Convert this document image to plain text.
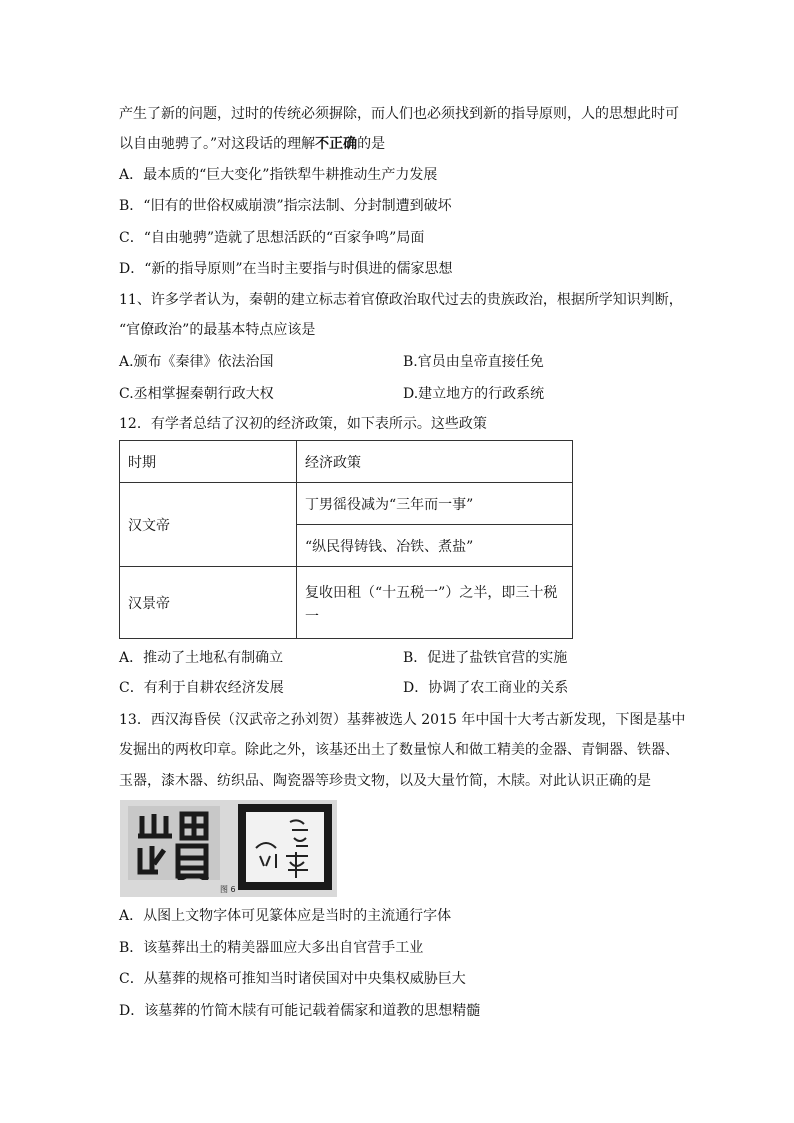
产生了新的问题，过时的传统必须摒除，而人们也必须找到新的指导原则，人的思想此时可
以自由驰骋了。”对这段话的理解不正确的是
A．最本质的“巨大变化”指铁犁牛耕推动生产力发展
B．“旧有的世俗权威崩溃”指宗法制、分封制遭到破坏
C．“自由驰骋”造就了思想活跃的“百家争鸣”局面
D．“新的指导原则”在当时主要指与时俱进的儒家思想
11、许多学者认为，秦朝的建立标志着官僚政治取代过去的贵族政治，根据所学知识判断，
“官僚政治”的最基本特点应该是
A.颁布《秦律》依法治国	B.官员由皇帝直接任免
C.丞相掌握秦朝行政大权	D.建立地方的行政系统
12．有学者总结了汉初的经济政策，如下表所示。这些政策
时期	经济政策
汉文帝	丁男徭役减为“三年而一事”
	“纵民得铸钱、冶铁、煮盐”
汉景帝	复收田租（“十五税一”）之半，即三十税
一
A．推动了土地私有制确立	B．促进了盐铁官营的实施
C．有利于自耕农经济发展	D．协调了农工商业的关系
13．西汉海昏侯（汉武帝之孙刘贺）基葬被选人 2015 年中国十大考古新发现，下图是基中
发掘出的两枚印章。除此之外，该基还出土了数量惊人和做工精美的金器、青铜器、铁器、
玉器，漆木器、纺织品、陶瓷器等珍贵文物，以及大量竹简，木牍。对此认识正确的是
图 6
A．从图上文物字体可见篆体应是当时的主流通行字体
B．该墓葬出土的精美器皿应大多出自官营手工业
C．从墓葬的规格可推知当时诸侯国对中央集权威胁巨大
D．该墓葬的竹简木牍有可能记载着儒家和道教的思想精髓
